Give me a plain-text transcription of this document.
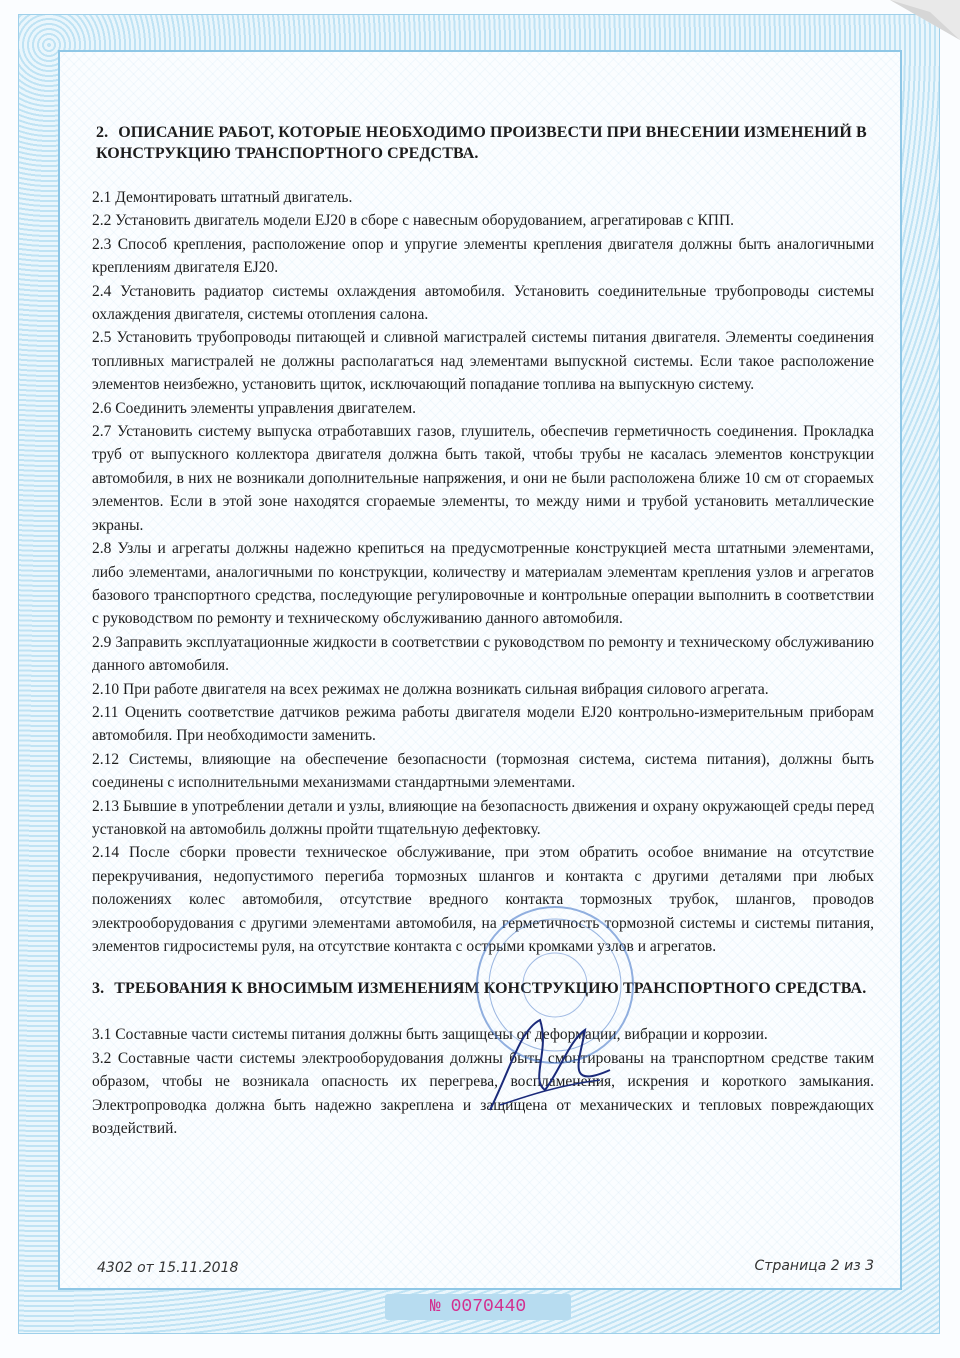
2. ОПИСАНИЕ РАБОТ, КОТОРЫЕ НЕОБХОДИМО ПРОИЗВЕСТИ ПРИ ВНЕСЕНИИ ИЗМЕНЕНИЙ В КОНСТРУКЦИЮ ТРАНСПОРТНОГО СРЕДСТВА.

2.1 Демонтировать штатный двигатель.

2.2 Установить двигатель модели EJ20 в сборе с навесным оборудованием, агрегатировав с КПП.

2.3 Способ крепления, расположение опор и упругие элементы крепления двигателя должны быть аналогичными креплениям двигателя EJ20.

2.4 Установить радиатор системы охлаждения автомобиля. Установить соединительные трубопроводы системы охлаждения двигателя, системы отопления салона.

2.5 Установить трубопроводы питающей и сливной магистралей системы питания двигателя. Элементы соединения топливных магистралей не должны располагаться над элементами выпускной системы. Если такое расположение элементов неизбежно, установить щиток, исключающий попадание топлива на выпускную систему.

2.6 Соединить элементы управления двигателем.

2.7 Установить систему выпуска отработавших газов, глушитель, обеспечив герметичность соединения. Прокладка труб от выпускного коллектора двигателя должна быть такой, чтобы трубы не касалась элементов конструкции автомобиля, в них не возникали дополнительные напряжения, и они не были расположена ближе 10 см от сгораемых элементов. Если в этой зоне находятся сгораемые элементы, то между ними и трубой установить металлические экраны.

2.8 Узлы и агрегаты должны надежно крепиться на предусмотренные конструкцией места штатными элементами, либо элементами, аналогичными по конструкции, количеству и материалам элементам крепления узлов и агрегатов базового транспортного средства, последующие регулировочные и контрольные операции выполнить в соответствии с руководством по ремонту и техническому обслуживанию данного автомобиля.

2.9 Заправить эксплуатационные жидкости в соответствии с руководством по ремонту и техническому обслуживанию данного автомобиля.

2.10 При работе двигателя на всех режимах не должна возникать сильная вибрация силового агрегата.

2.11 Оценить соответствие датчиков режима работы двигателя модели EJ20 контрольно-измерительным приборам автомобиля. При необходимости заменить.

2.12 Системы, влияющие на обеспечение безопасности (тормозная система, система питания), должны быть соединены с исполнительными механизмами стандартными элементами.

2.13 Бывшие в употреблении детали и узлы, влияющие на безопасность движения и охрану окружающей среды перед установкой на автомобиль должны пройти тщательную дефектовку.

2.14 После сборки провести техническое обслуживание, при этом обратить особое внимание на отсутствие перекручивания, недопустимого перегиба тормозных шлангов и контакта с другими деталями при любых положениях колес автомобиля, отсутствие вредного контакта тормозных трубок, шлангов, проводов электрооборудования с другими элементами автомобиля, на герметичность тормозной системы и системы питания, элементов гидросистемы руля, на отсутствие контакта с острыми кромками узлов и агрегатов.

3. ТРЕБОВАНИЯ К ВНОСИМЫМ ИЗМЕНЕНИЯМ КОНСТРУКЦИЮ ТРАНСПОРТНОГО СРЕДСТВА.

3.1 Составные части системы питания должны быть защищены от деформации, вибрации и коррозии.

3.2 Составные части системы электрооборудования должны быть смонтированы на транспортном средстве таким образом, чтобы не возникала опасность их перегрева, воспламенения, искрения и короткого замыкания. Электропроводка должна быть надежно закреплена и защищена от механических и тепловых повреждающих воздействий.

4302 от 15.11.2018	Страница 2 из 3
№ 0070440
